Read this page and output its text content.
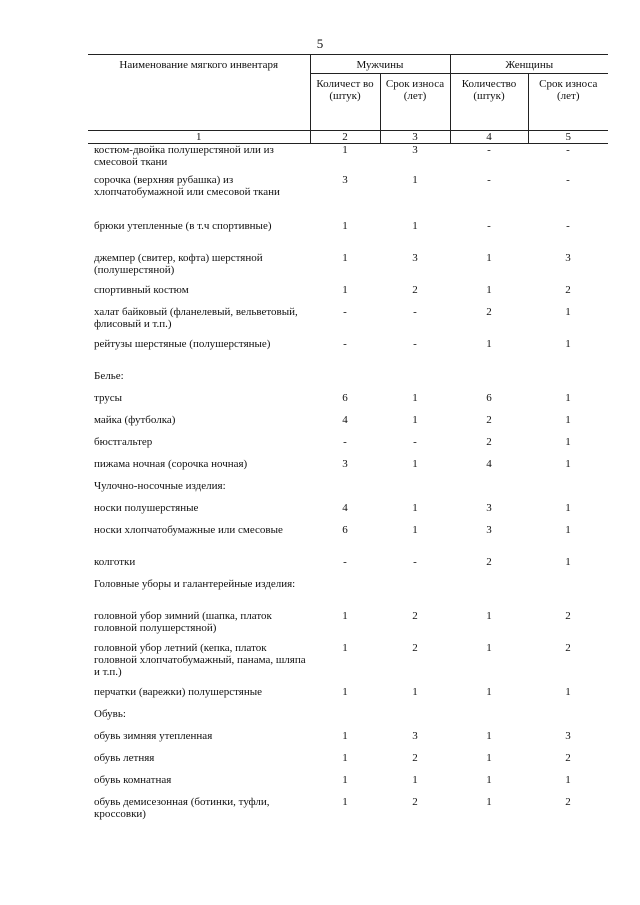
5
Наименование мягкого инвентаря	Мужчины		Женщины	
	Количест во (штук)	Срок износа (лет)	Количество (штук)	Срок износа (лет)
1	2	3	4	5
костюм-двойка полушерстяной или из смесовой ткани	1	3	-	-
сорочка (верхняя рубашка) из хлопчатобумажной или смесовой ткани	3	1	-	-
брюки утепленные (в т.ч спортивные)	1	1	-	-
джемпер (свитер, кофта) шерстяной (полушерстяной)	1	3	1	3
спортивный костюм	1	2	1	2
халат байковый (фланелевый, вельветовый, флисовый и т.п.)	-	-	2	1
рейтузы шерстяные (полушерстяные)	-	-	1	1
Белье:				
трусы	6	1	6	1
майка (футболка)	4	1	2	1
бюстгальтер	-	-	2	1
пижама ночная (сорочка ночная)	3	1	4	1
Чулочно-носочные изделия:				
носки полушерстяные	4	1	3	1
носки хлопчатобумажные или смесовые	6	1	3	1
колготки	-	-	2	1
Головные уборы и галантерейные изделия:				
головной убор зимний (шапка, платок головной полушерстяной)	1	2	1	2
головной убор летний (кепка, платок головной хлопчатобумажный, панама, шляпа и т.п.)	1	2	1	2
перчатки (варежки) полушерстяные	1	1	1	1
Обувь:				
обувь зимняя утепленная	1	3	1	3
обувь летняя	1	2	1	2
обувь комнатная	1	1	1	1
обувь демисезонная (ботинки, туфли, кроссовки)	1	2	1	2
